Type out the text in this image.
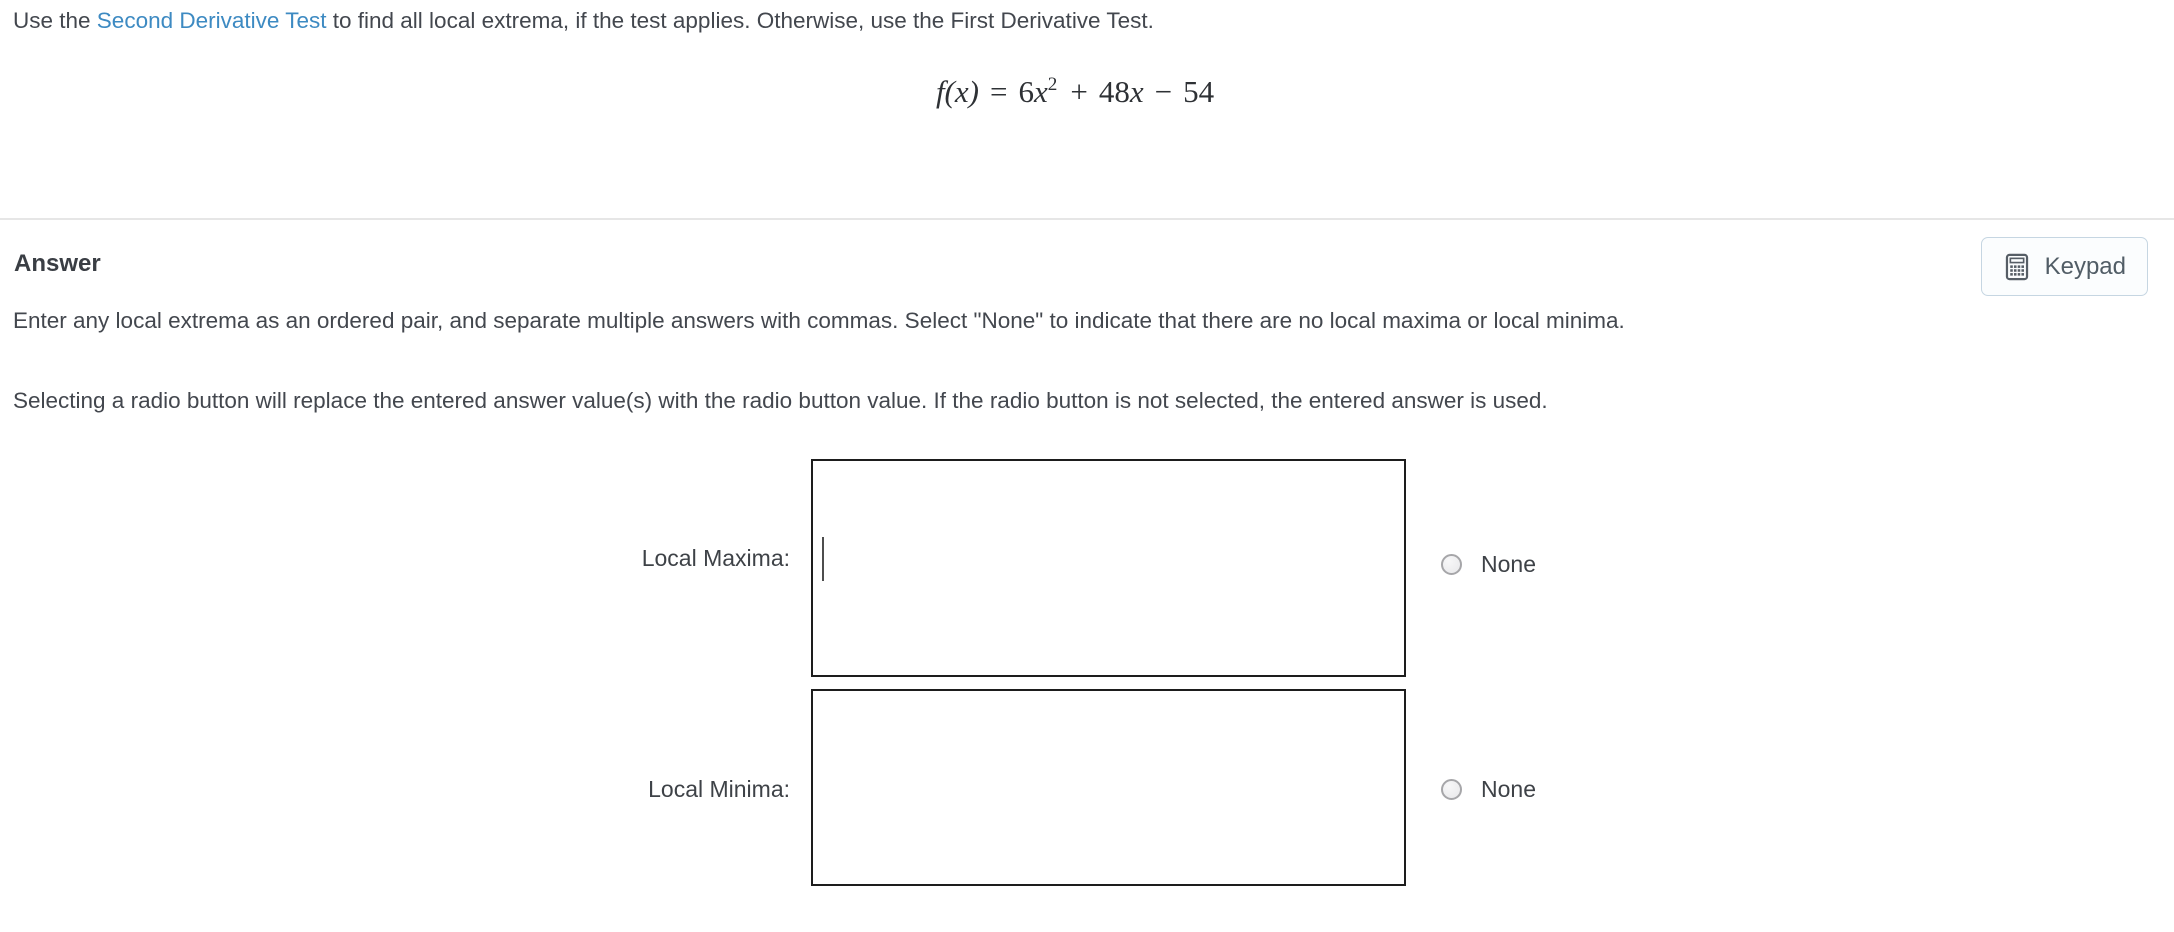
Use the Second Derivative Test to find all local extrema, if the test applies. Otherwise, use the First Derivative Test.
$f(x) = 6x^2 + 48x - 54$
Answer	Keypad
Enter any local extrema as an ordered pair, and separate multiple answers with commas. Select "None" to indicate that there are no local maxima or local minima.
Selecting a radio button will replace the entered answer value(s) with the radio button value. If the radio button is not selected, the entered answer is used.
Local Maxima:	None
Local Minima:	None
